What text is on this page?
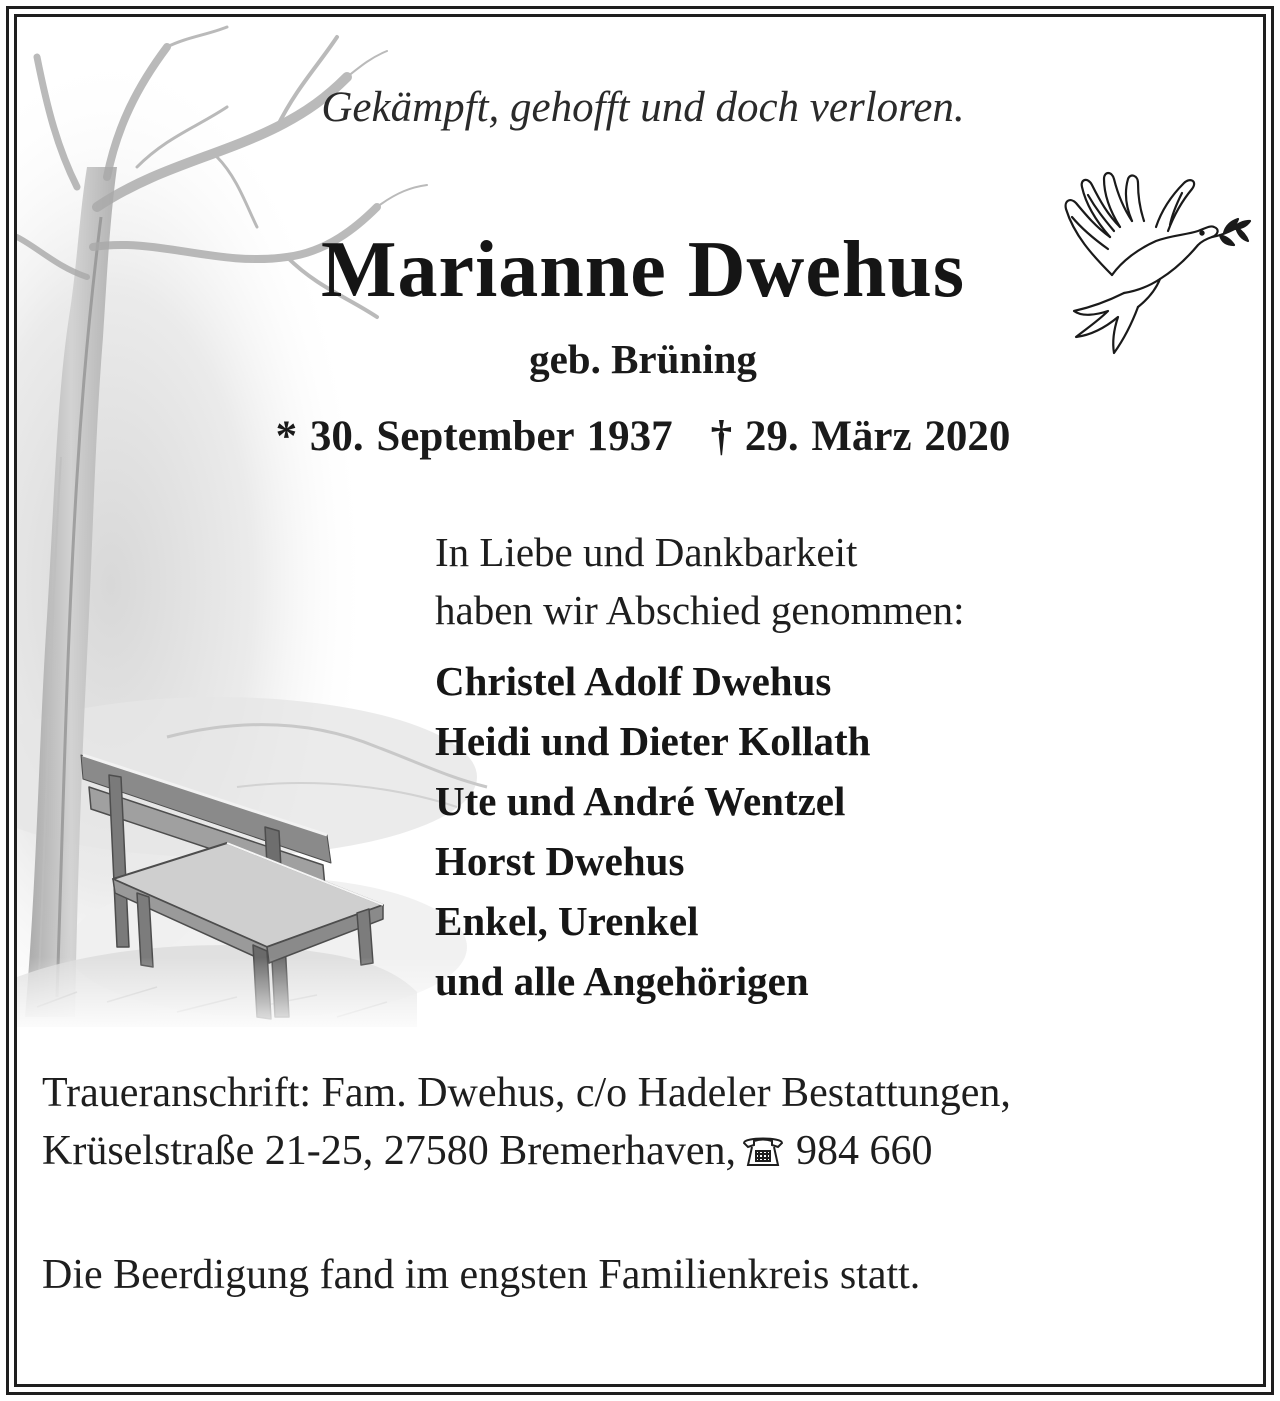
Gekämpft, gehofft und doch verloren.

Marianne Dwehus

geb. Brüning

* 30. September 1937 † 29. März 2020

In Liebe und Dankbarkeit

haben wir Abschied genommen:

Christel Adolf Dwehus

Heidi und Dieter Kollath

Ute und André Wentzel

Horst Dwehus

Enkel, Urenkel

und alle Angehörigen

Traueranschrift: Fam. Dwehus, c/o Hadeler Bestattungen,

Krüselstraße 21-25, 27580 Bremerhaven, 984 660

Die Beerdigung fand im engsten Familienkreis statt.
